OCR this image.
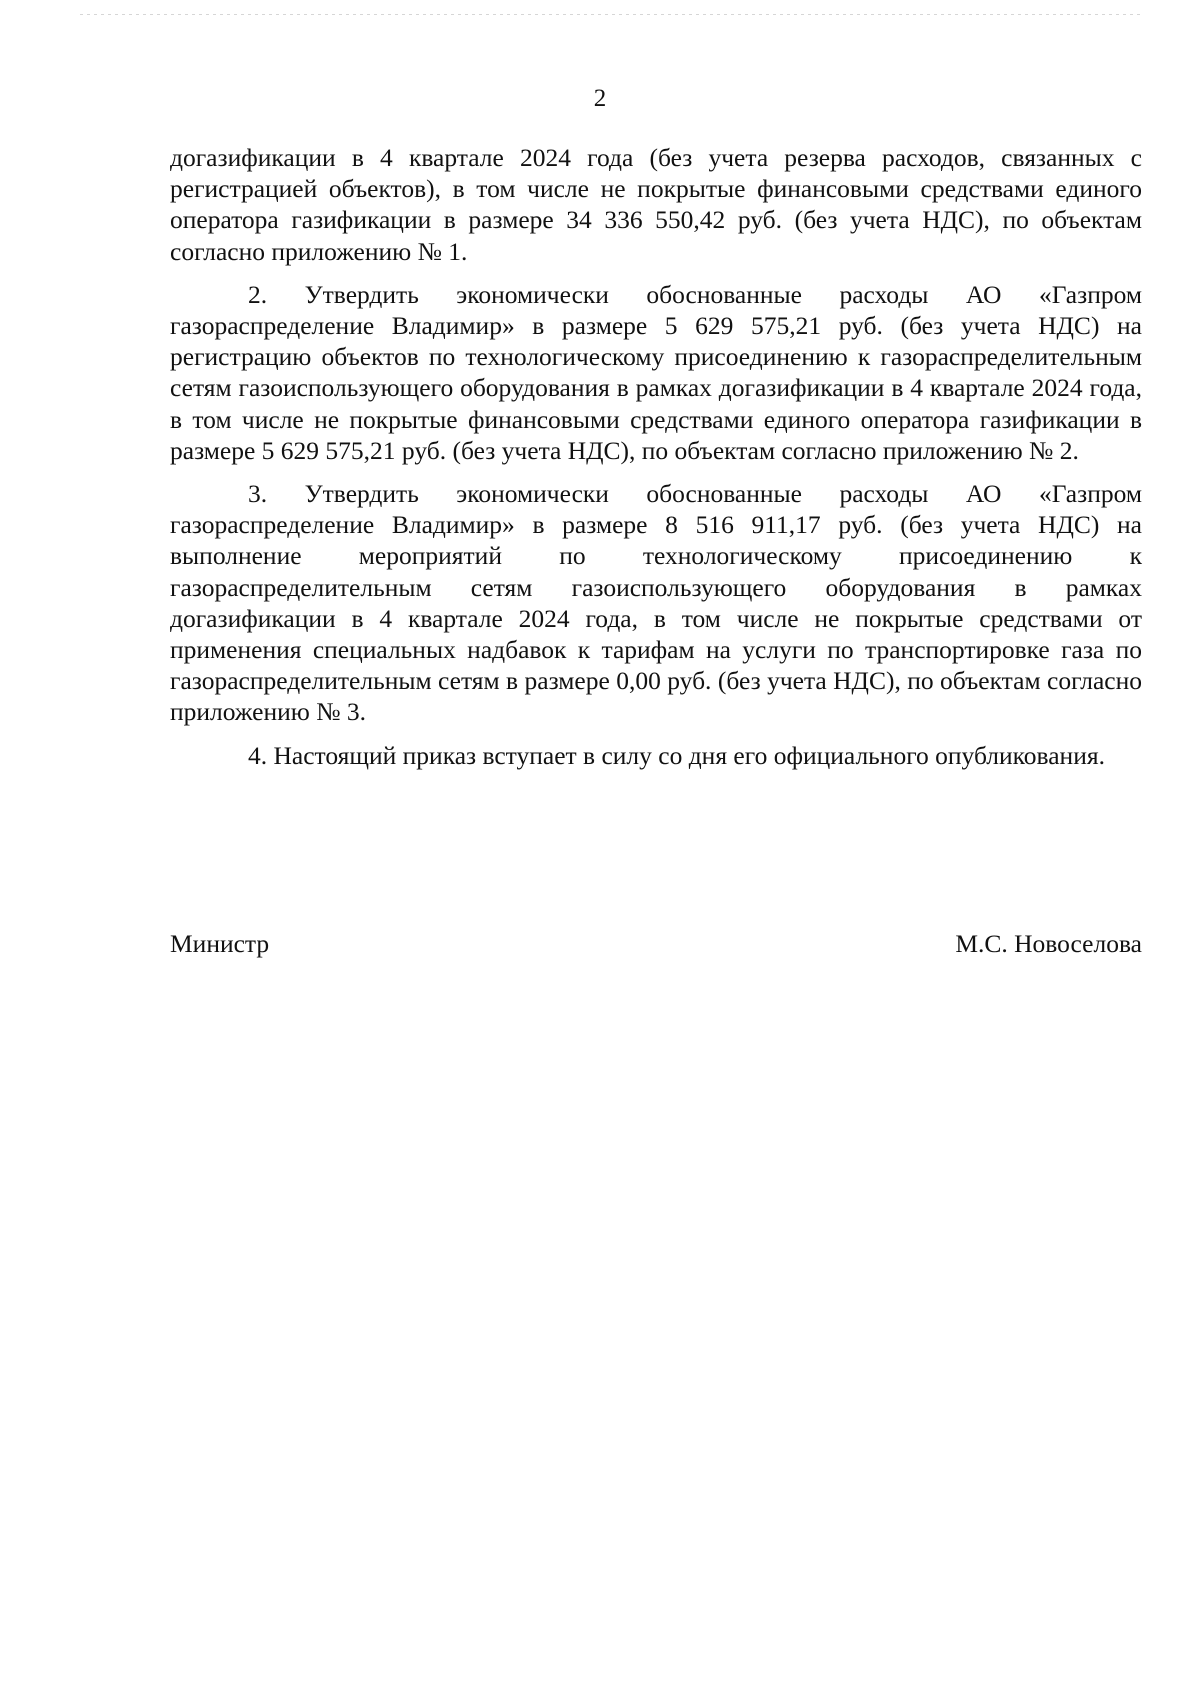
2

догазификации в 4 квартале 2024 года (без учета резерва расходов, связанных с регистрацией объектов), в том числе не покрытые финансовыми средствами единого оператора газификации в размере 34 336 550,42 руб. (без учета НДС), по объектам согласно приложению № 1.

2. Утвердить экономически обоснованные расходы АО «Газпром газораспределение Владимир» в размере 5 629 575,21 руб. (без учета НДС) на регистрацию объектов по технологическому присоединению к газораспределительным сетям газоиспользующего оборудования в рамках догазификации в 4 квартале 2024 года, в том числе не покрытые финансовыми средствами единого оператора газификации в размере 5 629 575,21 руб. (без учета НДС), по объектам согласно приложению № 2.

3. Утвердить экономически обоснованные расходы АО «Газпром газораспределение Владимир» в размере 8 516 911,17 руб. (без учета НДС) на выполнение мероприятий по технологическому присоединению к газораспределительным сетям газоиспользующего оборудования в рамках догазификации в 4 квартале 2024 года, в том числе не покрытые средствами от применения специальных надбавок к тарифам на услуги по транспортировке газа по газораспределительным сетям в размере 0,00 руб. (без учета НДС), по объектам согласно приложению № 3.

4. Настоящий приказ вступает в силу со дня его официального опубликования.

Министр	М.С. Новоселова
